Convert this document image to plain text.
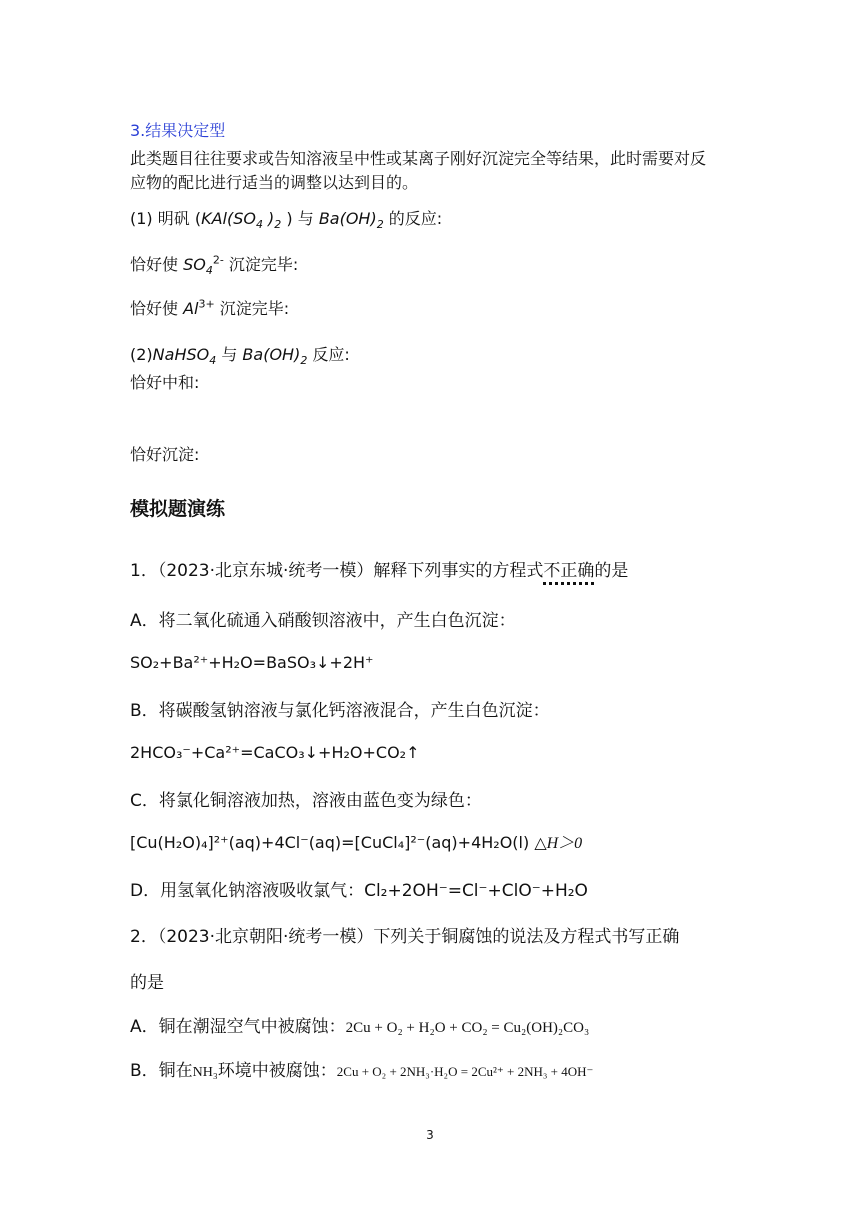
3.结果决定型
此类题目往往要求或告知溶液呈中性或某离子刚好沉淀完全等结果，此时需要对反
应物的配比进行适当的调整以达到目的。
(1) 明矾 ($KAl(SO_4$ )$_2$ ) 与 $Ba(OH)_2$ 的反应:
恰好使 $SO_4^{2-}$ 沉淀完毕:
恰好使 $Al^{3+}$ 沉淀完毕:
(2)NaHSO$_4$ 与 $Ba(OH)_2$ 反应:
恰好中和:
恰好沉淀:
模拟题演练
1．（2023·北京东城·统考一模）解释下列事实的方程式不正确的是
A．将二氧化硫通入硝酸钡溶液中，产生白色沉淀：
SO₂+Ba²⁺+H₂O=BaSO₃↓+2H⁺
B．将碳酸氢钠溶液与氯化钙溶液混合，产生白色沉淀：
2HCO₃⁻+Ca²⁺=CaCO₃↓+H₂O+CO₂↑
C．将氯化铜溶液加热，溶液由蓝色变为绿色：
[Cu(H₂O)₄]²⁺(aq)+4Cl⁻(aq)=[CuCl₄]²⁻(aq)+4H₂O(l) △H＞0
D．用氢氧化钠溶液吸收氯气：Cl₂+2OH⁻=Cl⁻+ClO⁻+H₂O
2．（2023·北京朝阳·统考一模）下列关于铜腐蚀的说法及方程式书写正确
的是
A．铜在潮湿空气中被腐蚀：2Cu + O₂ + H₂O + CO₂ = Cu₂(OH)₂CO₃
B．铜在NH₃环境中被腐蚀：2Cu + O₂ + 2NH₃·H₂O = 2Cu²⁺ + 2NH₃ + 4OH⁻
3
